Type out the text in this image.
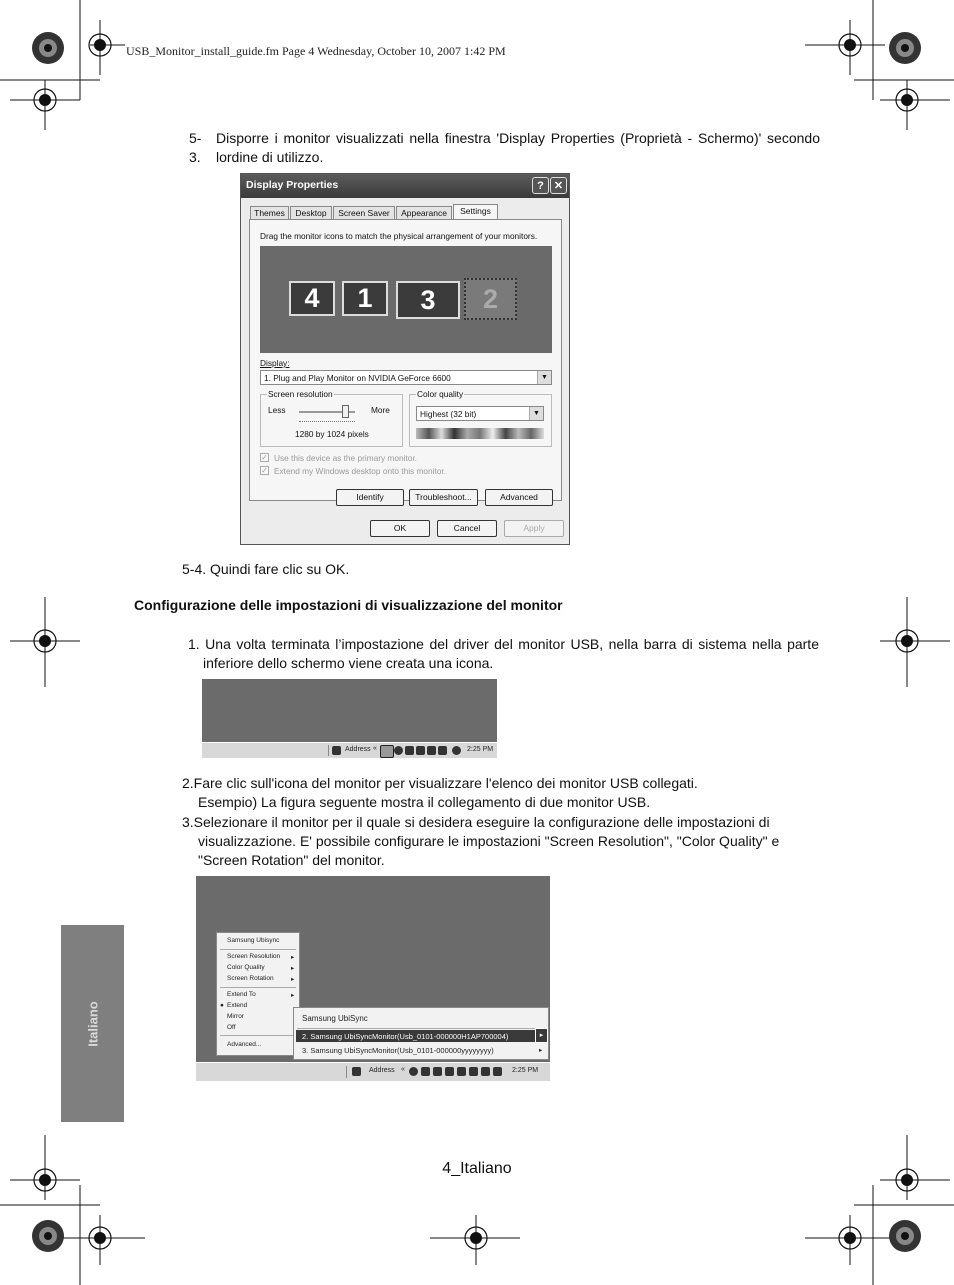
USB_Monitor_install_guide.fm Page 4 Wednesday, October 10, 2007 1:42 PM
5-3.
Disporre i monitor visualizzati nella finestra 'Display Properties (Proprietà - Schermo)' secondo lordine di utilizzo.
Display Properties	? ✕
Themes	Desktop	Screen Saver	Appearance	Settings
Drag the monitor icons to match the physical arrangement of your monitors.
4	1	3	2
Display:
1. Plug and Play Monitor on NVIDIA GeForce 6600	▼
Screen resolution
Less	More
1280 by 1024 pixels
Color quality
Highest (32 bit)	▼
✓ Use this device as the primary monitor.
✓ Extend my Windows desktop onto this monitor.
Identify	Troubleshoot...	Advanced
OK	Cancel	Apply
5-4. Quindi fare clic su OK.
Configurazione delle impostazioni di visualizzazione del monitor
1. Una volta terminata l’impostazione del driver del monitor USB, nella barra di sistema nella parte inferiore dello schermo viene creata una icona.
Address «	2:25 PM
2.Fare clic sull'icona del monitor per visualizzare l'elenco dei monitor USB collegati.
Esempio) La figura seguente mostra il collegamento di due monitor USB.
3.Selezionare il monitor per il quale si desidera eseguire la configurazione delle impostazioni di visualizzazione. E' possibile configurare le impostazioni "Screen Resolution", "Color Quality" e "Screen Rotation" del monitor.
Samsung Ubisync
Screen Resolution ▸
Color Quality	▸
Screen Rotation	▸
Extend To	▸
● Extend
Mirror
Off
Advanced...
Samsung UbiSync
2. Samsung UbiSyncMonitor(Usb_0101-000000H1AP700004)	▸
3. Samsung UbiSyncMonitor(Usb_0101-000000yyyyyyyy)	▸
Address «	2:25 PM
Italiano
4_Italiano
